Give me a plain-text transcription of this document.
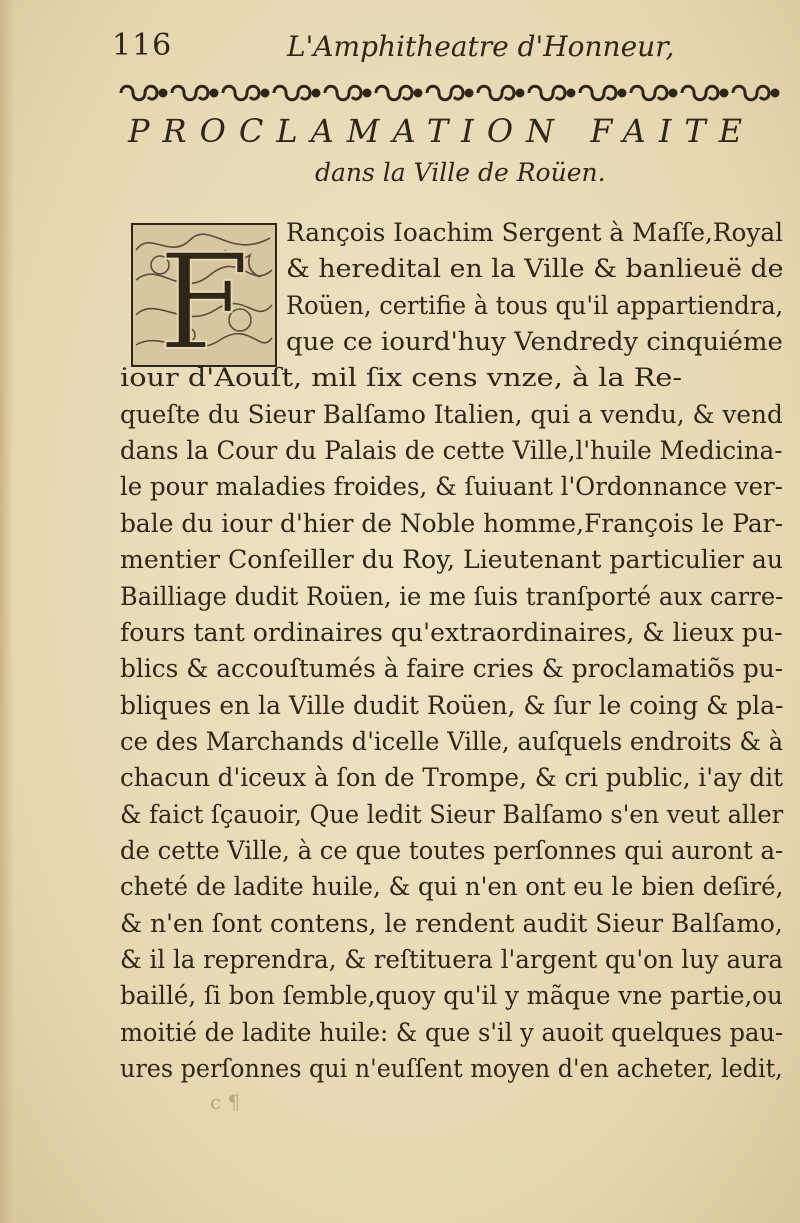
116	L'Amphitheatre d'Honneur,
PROCLAMATION FAITE
dans la Ville de Roüen.
F Rançois Ioachim Sergent à Maſſe,Royal
& heredital en la Ville & banlieuë de
Roüen, certifie à tous qu'il appartiendra,
que ce iourd'huy Vendredy cinquiéme
iour d'Aouſt, mil ſix cens vnze, à la Re-
queſte du Sieur Balſamo Italien, qui a vendu, & vend
dans la Cour du Palais de cette Ville,l'huile Medicina-
le pour maladies froides, & ſuiuant l'Ordonnance ver-
bale du iour d'hier de Noble homme,François le Par-
mentier Conſeiller du Roy, Lieutenant particulier au
Bailliage dudit Roüen, ie me ſuis tranſporté aux carre-
fours tant ordinaires qu'extraordinaires, & lieux pu-
blics & accouſtumés à faire cries & proclamatiõs pu-
bliques en la Ville dudit Roüen, & ſur le coing & pla-
ce des Marchands d'icelle Ville, auſquels endroits & à
chacun d'iceux à ſon de Trompe, & cri public, i'ay dit
& faict ſçauoir, Que ledit Sieur Balſamo s'en veut aller
de cette Ville, à ce que toutes perſonnes qui auront a-
cheté de ladite huile, & qui n'en ont eu le bien deſiré,
& n'en ſont contens, le rendent audit Sieur Balſamo,
& il la reprendra, & reſtituera l'argent qu'on luy aura
baillé, ſi bon ſemble,quoy qu'il y mãque vne partie,ou
moitié de ladite huile: & que s'il y auoit quelques pau-
ures perſonnes qui n'euſſent moyen d'en acheter, ledit,
c ¶
